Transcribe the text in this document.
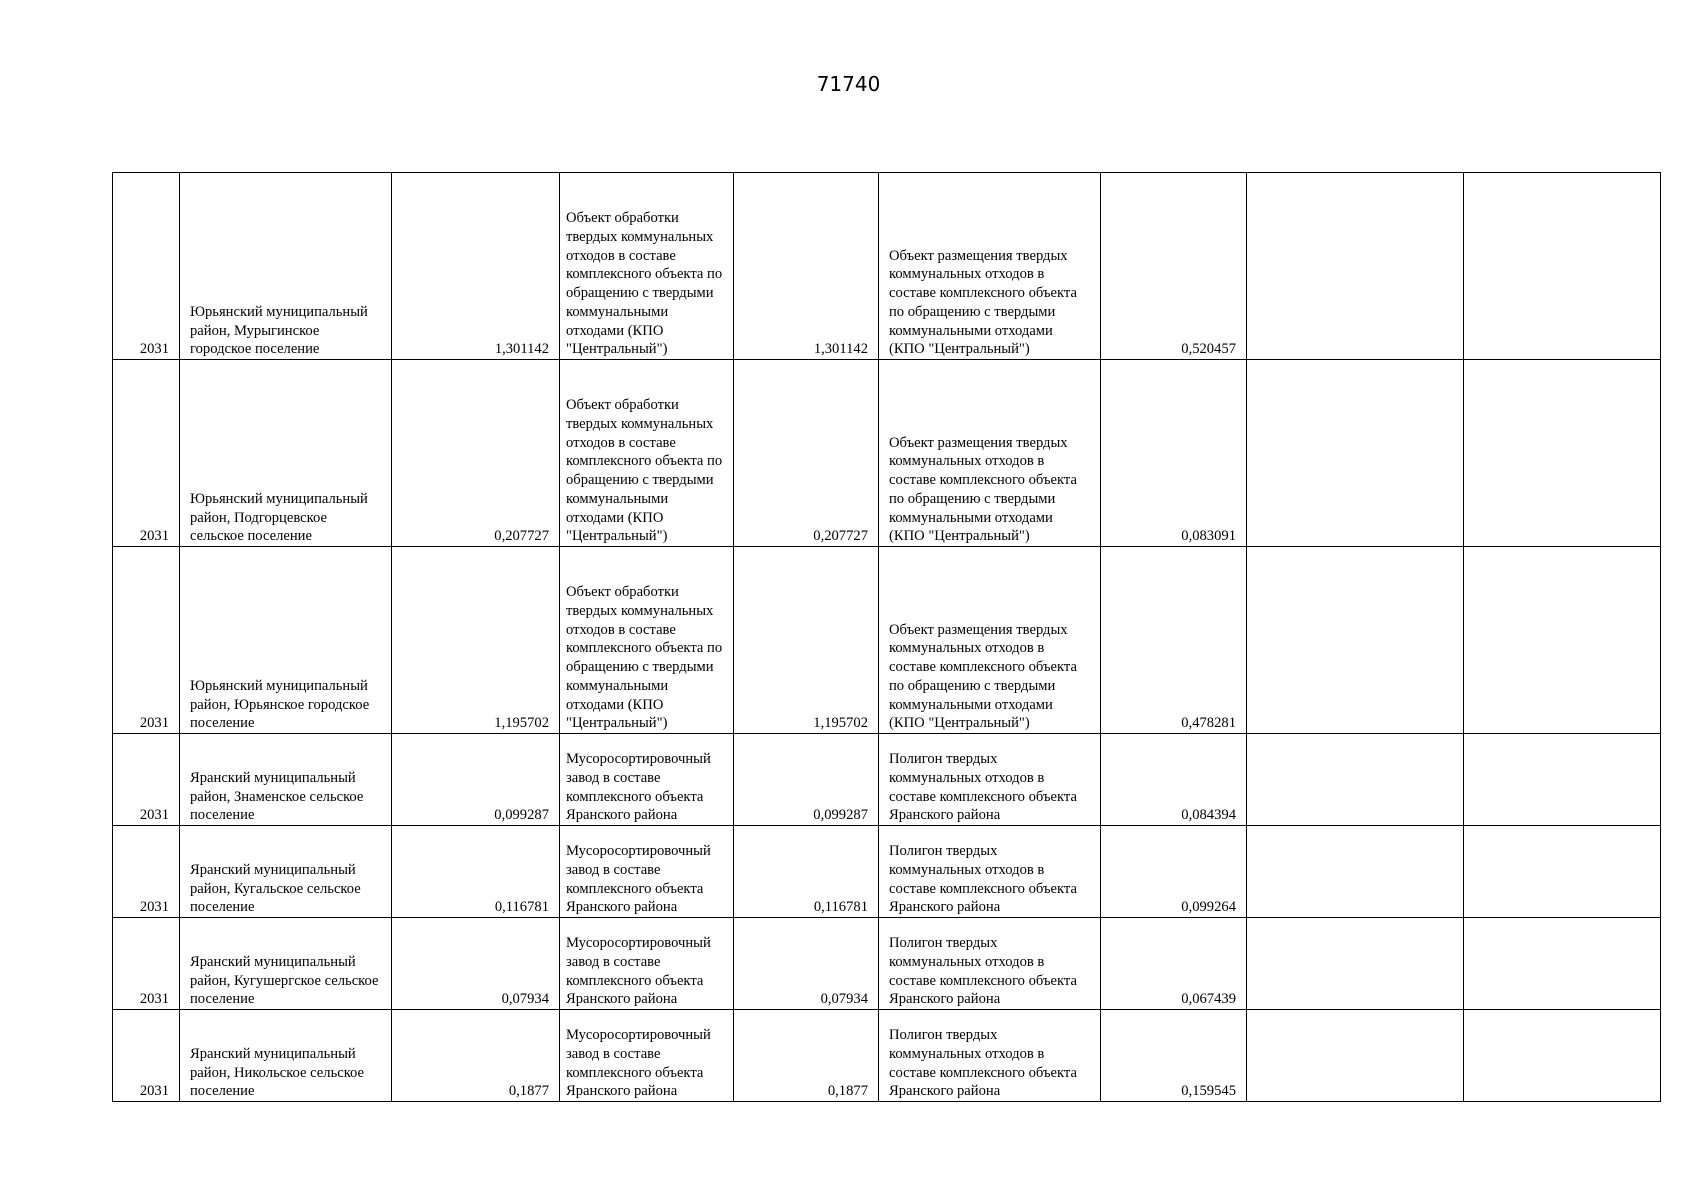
71740
2031	Юрьянский муниципальный район, Мурыгинское городское поселение	1,301142	Объект обработки твердых коммунальных отходов в составе комплексного объекта по обращению с твердыми коммунальными отходами (КПО "Центральный")	1,301142	Объект размещения твердых коммунальных отходов в составе комплексного объекта по обращению с твердыми коммунальными отходами (КПО "Центральный")	0,520457		
2031	Юрьянский муниципальный район, Подгорцевское сельское поселение	0,207727	Объект обработки твердых коммунальных отходов в составе комплексного объекта по обращению с твердыми коммунальными отходами (КПО "Центральный")	0,207727	Объект размещения твердых коммунальных отходов в составе комплексного объекта по обращению с твердыми коммунальными отходами (КПО "Центральный")	0,083091		
2031	Юрьянский муниципальный район, Юрьянское городское поселение	1,195702	Объект обработки твердых коммунальных отходов в составе комплексного объекта по обращению с твердыми коммунальными отходами (КПО "Центральный")	1,195702	Объект размещения твердых коммунальных отходов в составе комплексного объекта по обращению с твердыми коммунальными отходами (КПО "Центральный")	0,478281		
2031	Яранский муниципальный район, Знаменское сельское поселение	0,099287	Мусоросортировочный завод в составе комплексного объекта Яранского района	0,099287	Полигон твердых коммунальных отходов в составе комплексного объекта Яранского района	0,084394		
2031	Яранский муниципальный район, Кугальское сельское поселение	0,116781	Мусоросортировочный завод в составе комплексного объекта Яранского района	0,116781	Полигон твердых коммунальных отходов в составе комплексного объекта Яранского района	0,099264		
2031	Яранский муниципальный район, Кугушергское сельское поселение	0,07934	Мусоросортировочный завод в составе комплексного объекта Яранского района	0,07934	Полигон твердых коммунальных отходов в составе комплексного объекта Яранского района	0,067439		
2031	Яранский муниципальный район, Никольское сельское поселение	0,1877	Мусоросортировочный завод в составе комплексного объекта Яранского района	0,1877	Полигон твердых коммунальных отходов в составе комплексного объекта Яранского района	0,159545		
